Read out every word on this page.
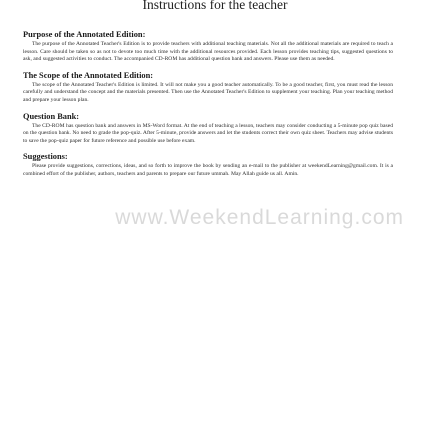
Instructions for the teacher

Purpose of the Annotated Edition:

The purpose of the Annotated Teacher's Edition is to provide teachers with additional teaching materials. Not all the additional materials are required to teach a lesson. Care should be taken so as not to devote too much time with the additional resources provided. Each lesson provides teaching tips, suggested questions to ask, and suggested activities to conduct. The accompanied CD-ROM has additional question bank and answers. Please use them as needed.

The Scope of the Annotated Edition:

The scope of the Annotated Teacher's Edition is limited. It will not make you a good teacher automatically. To be a good teacher, first, you must read the lesson carefully and understand the concept and the materials presented. Then use the Annotated Teacher's Edition to supplement your teaching. Plan your teaching method and prepare your lesson plan.

Question Bank:

The CD-ROM has question bank and answers in MS-Word format. At the end of teaching a lesson, teachers may consider conducting a 5-minute pop quiz based on the question bank. No need to grade the pop-quiz. After 5-minute, provide answers and let the students correct their own quiz sheet. Teachers may advise students to save the pop-quiz paper for future reference and possible use before exam.

Suggestions:

Please provide suggestions, corrections, ideas, and so forth to improve the book by sending an e-mail to the publisher at weekendLearning@gmail.com. It is a combined effort of the publisher, authors, teachers and parents to prepare our future ummah. May Allah guide us all. Amin.

www.WeekendLearning.com
